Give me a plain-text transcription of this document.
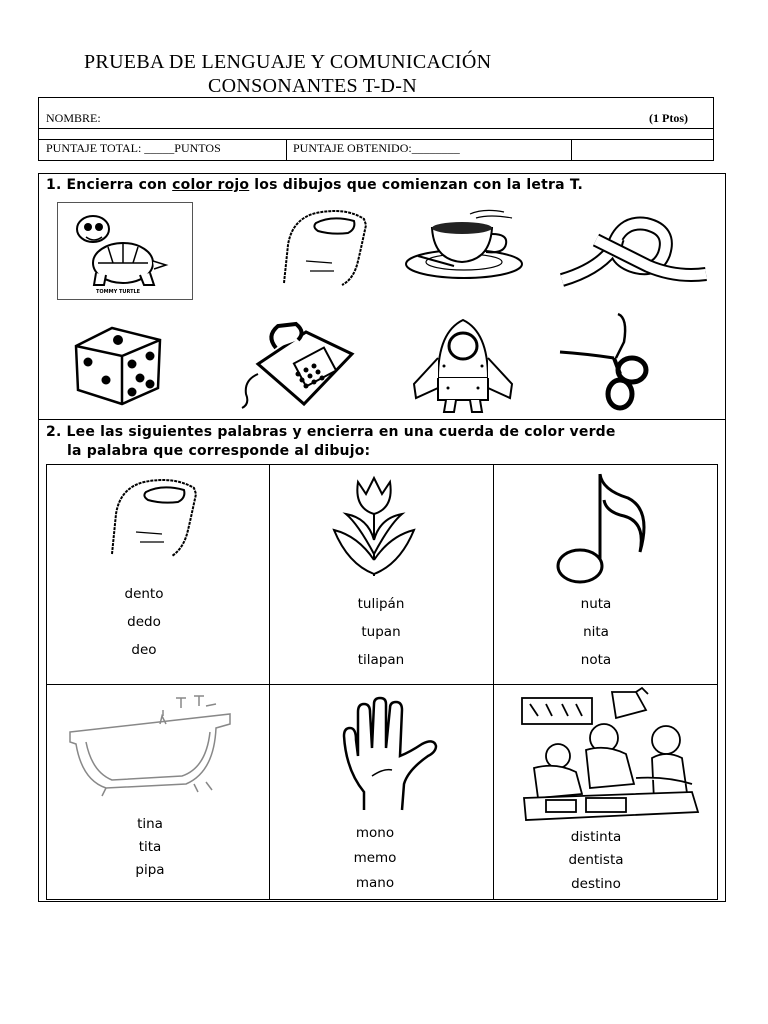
PRUEBA DE LENGUAJE Y COMUNICACIÓN
CONSONANTES T-D-N
NOMBRE:	(1 Ptos)
PUNTAJE TOTAL: _____PUNTOS	PUNTAJE OBTENIDO:________
1. Encierra con color rojo los dibujos que comienzan con la letra T.
TOMMY TURTLE
2. Lee las siguientes palabras y encierra en una cuerda de color verde
la palabra que corresponde al dibujo:
dento
dedo
deo
tulipán
tupan
tilapan
nuta
nita
nota
tina
tita
pipa
mono
memo
mano
distinta
dentista
destino
